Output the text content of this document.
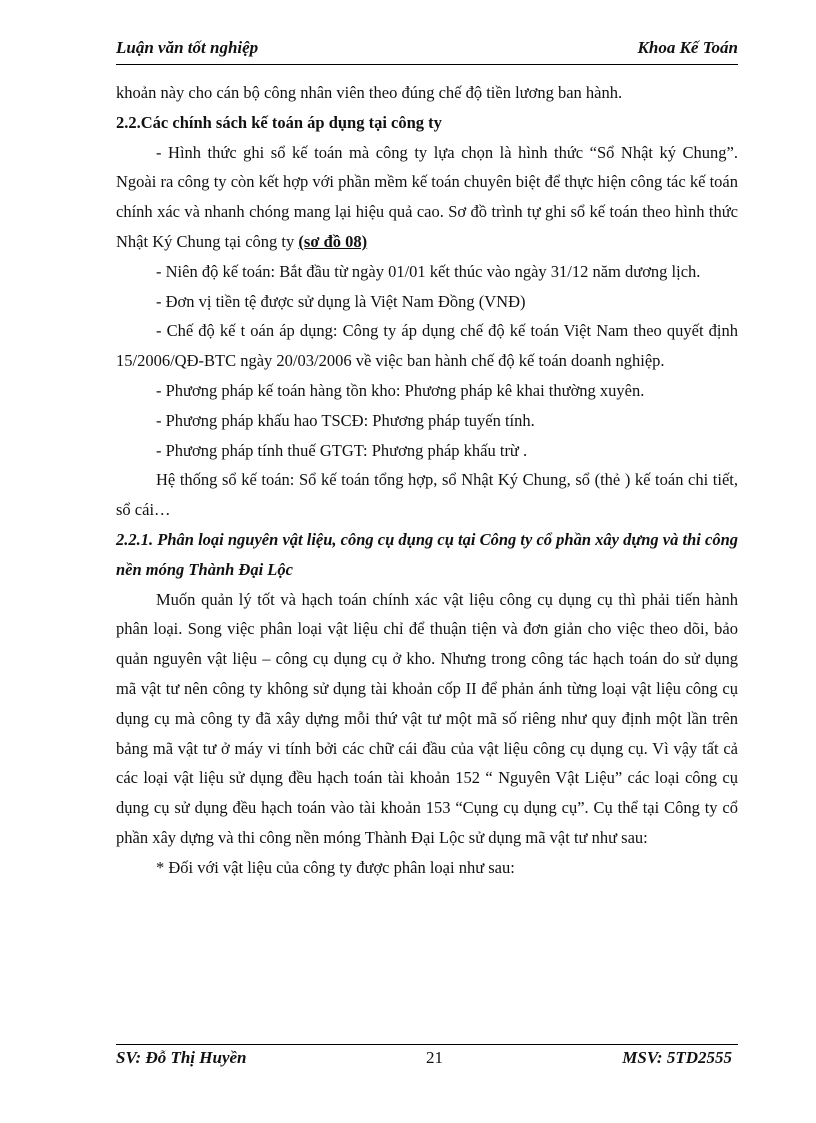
Luận văn tốt nghiệp	Khoa Kế Toán

khoản này cho cán bộ công nhân viên theo đúng chế độ tiền lương ban hành.

2.2.Các chính sách kế toán áp dụng tại công ty

- Hình thức ghi sổ kế toán mà công ty lựa chọn là hình thức “Sổ Nhật ký Chung”. Ngoài ra công ty còn kết hợp với phần mềm kế toán chuyên biệt để thực hiện công tác kế toán chính xác và nhanh chóng mang lại hiệu quả cao. Sơ đồ trình tự ghi sổ kế toán theo hình thức Nhật Ký Chung tại công ty (sơ đồ 08)

- Niên độ kế toán: Bắt đầu từ ngày 01/01 kết thúc vào ngày 31/12 năm dương lịch.

- Đơn vị tiền tệ được sử dụng là Việt Nam Đồng (VNĐ)

- Chế độ kế t oán áp dụng: Công ty áp dụng chế độ kế toán Việt Nam theo quyết định 15/2006/QĐ-BTC ngày 20/03/2006 về việc ban hành chế độ kế toán doanh nghiệp.

- Phương pháp kế toán hàng tồn kho: Phương pháp kê khai thường xuyên.

- Phương pháp khấu hao TSCĐ: Phương pháp tuyến tính.

- Phương pháp tính thuế GTGT: Phương pháp khấu trừ .

Hệ thống sổ kế toán: Sổ kế toán tổng hợp, sổ Nhật Ký Chung, sổ (thẻ ) kế toán chi tiết, sổ cái…

2.2.1. Phân loại nguyên vật liệu, công cụ dụng cụ tại Công ty cổ phần xây dựng và thi công nền móng Thành Đại Lộc

Muốn quản lý tốt và hạch toán chính xác vật liệu công cụ dụng cụ thì phải tiến hành phân loại. Song việc phân loại vật liệu chỉ để thuận tiện và đơn giản cho việc theo dõi, bảo quản nguyên vật liệu – công cụ dụng cụ ở kho. Nhưng trong công tác hạch toán do sử dụng mã vật tư nên công ty không sử dụng tài khoản cốp II để phản ánh từng loại vật liệu công cụ dụng cụ mà công ty đã xây dựng mỗi thứ vật tư một mã số riêng như quy định một lần trên bảng mã vật tư ở máy vi tính bởi các chữ cái đầu của vật liệu công cụ dụng cụ. Vì vậy tất cả các loại vật liệu sử dụng đều hạch toán tài khoản 152 “ Nguyên Vật Liệu” các loại công cụ dụng cụ sử dụng đều hạch toán vào tài khoản 153 “Cụng cụ dụng cụ”. Cụ thể tại Công ty cổ phần xây dựng và thi công nền móng Thành Đại Lộc sử dụng mã vật tư như sau:

* Đối với vật liệu của công ty được phân loại như sau:

SV: Đỗ Thị Huyền	21	MSV: 5TD2555
